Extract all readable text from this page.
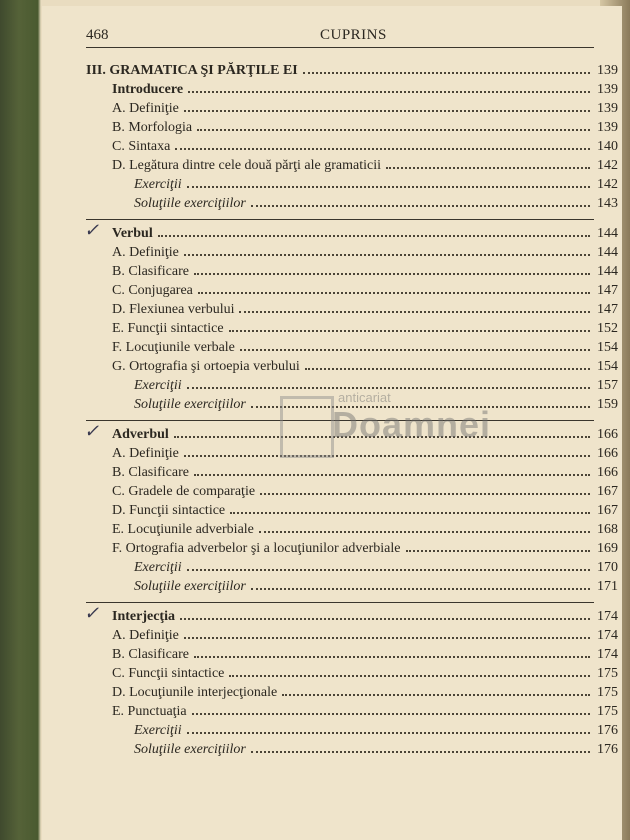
468	CUPRINS
III. GRAMATICA ŞI PĂRŢILE EI	139
Introducere	139
A. Definiţie	139
B. Morfologia	139
C. Sintaxa	140
D. Legătura dintre cele două părţi ale gramaticii	142
Exerciţii	142
Soluţiile exerciţiilor	143
✓ Verbul	144
A. Definiţie	144
B. Clasificare	144
C. Conjugarea	147
D. Flexiunea verbului	147
E. Funcţii sintactice	152
F. Locuţiunile verbale	154
G. Ortografia şi ortoepia verbului	154
Exerciţii	157
Soluţiile exerciţiilor	159
✓ Adverbul	166
A. Definiţie	166
B. Clasificare	166
C. Gradele de comparaţie	167
D. Funcţii sintactice	167
E. Locuţiunile adverbiale	168
F. Ortografia adverbelor şi a locuţiunilor adverbiale	169
Exerciţii	170
Soluţiile exerciţiilor	171
✓ Interjecţia	174
A. Definiţie	174
B. Clasificare	174
C. Funcţii sintactice	175
D. Locuţiunile interjecţionale	175
E. Punctuaţia	175
Exerciţii	176
Soluţiile exerciţiilor	176
anticariat
Doamnei
